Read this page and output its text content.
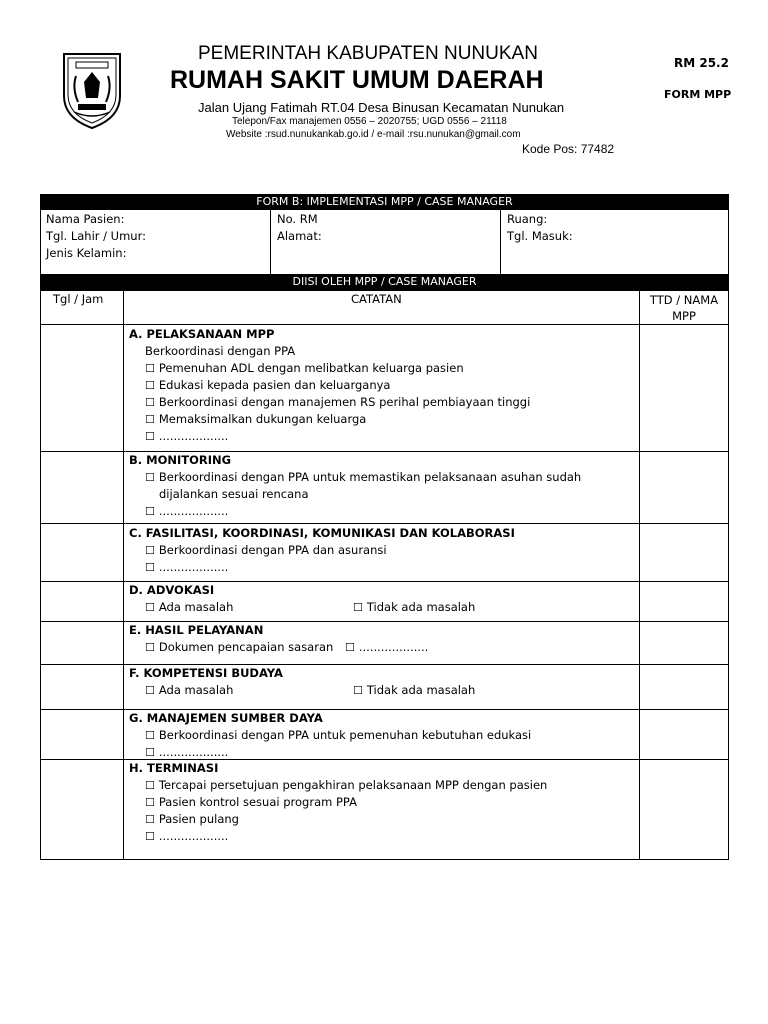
PEMERINTAH KABUPATEN NUNUKAN
RUMAH SAKIT UMUM DAERAH
Jalan Ujang Fatimah RT.04 Desa Binusan Kecamatan Nunukan
Telepon/Fax manajemen 0556 – 2020755; UGD 0556 – 21118
Website :rsud.nunukankab.go.id / e-mail :rsu.nunukan@gmail.com
Kode Pos: 77482
RM 25.2
FORM MPP
FORM B: IMPLEMENTASI MPP / CASE MANAGER
Nama Pasien:
Tgl. Lahir / Umur:
Jenis Kelamin:
No. RM
Alamat:
Ruang:
Tgl. Masuk:
DIISI OLEH MPP / CASE MANAGER
Tgl / Jam	CATATAN	TTD / NAMA
MPP
A. PELAKSANAAN MPP
Berkoordinasi dengan PPA
☐ Pemenuhan ADL dengan melibatkan keluarga pasien
☐ Edukasi kepada pasien dan keluarganya
☐ Berkoordinasi dengan manajemen RS perihal pembiayaan tinggi
☐ Memaksimalkan dukungan keluarga
☐ ...................
B. MONITORING
☐ Berkoordinasi dengan PPA untuk memastikan pelaksanaan asuhan sudah
dijalankan sesuai rencana
☐ ...................
C. FASILITASI, KOORDINASI, KOMUNIKASI DAN KOLABORASI
☐ Berkoordinasi dengan PPA dan asuransi
☐ ...................
D. ADVOKASI
☐ Ada masalah	☐ Tidak ada masalah
E. HASIL PELAYANAN
☐ Dokumen pencapaian sasaran	☐ ...................
F. KOMPETENSI BUDAYA
☐ Ada masalah	☐ Tidak ada masalah
G. MANAJEMEN SUMBER DAYA
☐ Berkoordinasi dengan PPA untuk pemenuhan kebutuhan edukasi
☐ ...................
H. TERMINASI
☐ Tercapai persetujuan pengakhiran pelaksanaan MPP dengan pasien
☐ Pasien kontrol sesuai program PPA
☐ Pasien pulang
☐ ...................
